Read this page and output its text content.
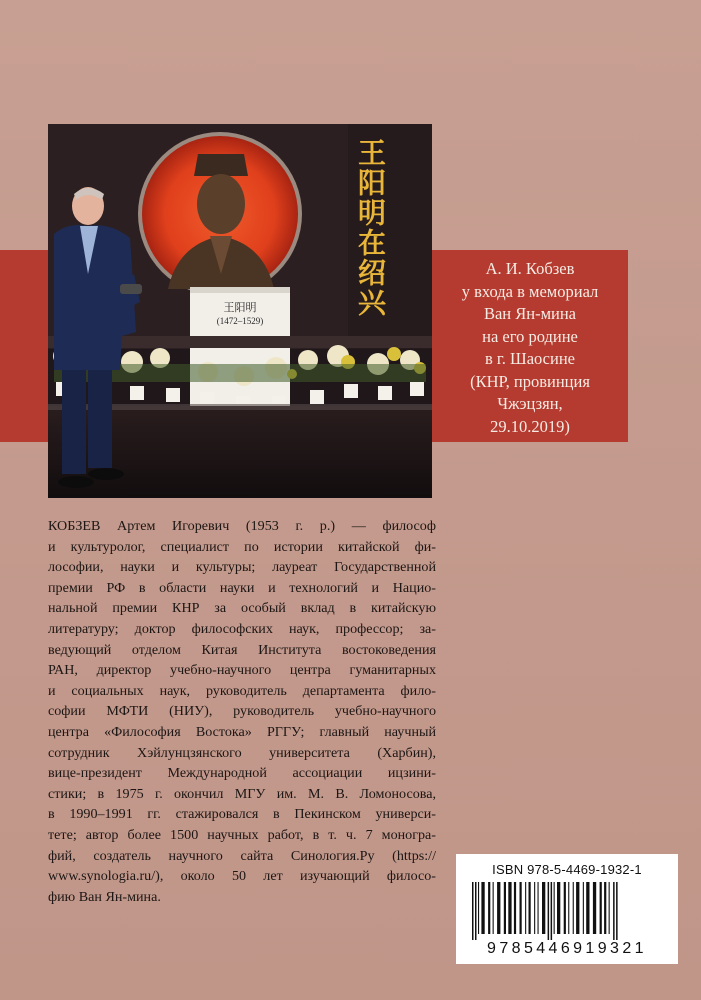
王阳明在绍兴
王阳明
(1472–1529)
А. И. Кобзев
у входа в мемориал
Ван Ян-мина
на его родине
в г. Шаосине
(КНР, провинция
Чжэцзян,
29.10.2019)
КОБЗЕВ Артем Игоревич (1953 г. р.) — философ
и культуролог, специалист по истории китайской фи-
лософии, науки и культуры; лауреат Государственной
премии РФ в области науки и технологий и Нацио-
нальной премии КНР за особый вклад в китайскую
литературу; доктор философских наук, профессор; за-
ведующий отделом Китая Института востоковедения
РАН, директор учебно-научного центра гуманитарных
и социальных наук, руководитель департамента фило-
софии МФТИ (НИУ), руководитель учебно-научного
центра «Философия Востока» РГГУ; главный научный
сотрудник Хэйлунцзянского университета (Харбин),
вице-президент Международной ассоциации ицзини-
стики; в 1975 г. окончил МГУ им. М. В. Ломоносова,
в 1990–1991 гг. стажировался в Пекинском универси-
тете; автор более 1500 научных работ, в т. ч. 7 моногра-
фий, создатель научного сайта Синология.Ру (https://
www.synologia.ru/), около 50 лет изучающий филосо-
фию Ван Ян-мина.
ISBN 978-5-4469-1932-1
9785446919321
